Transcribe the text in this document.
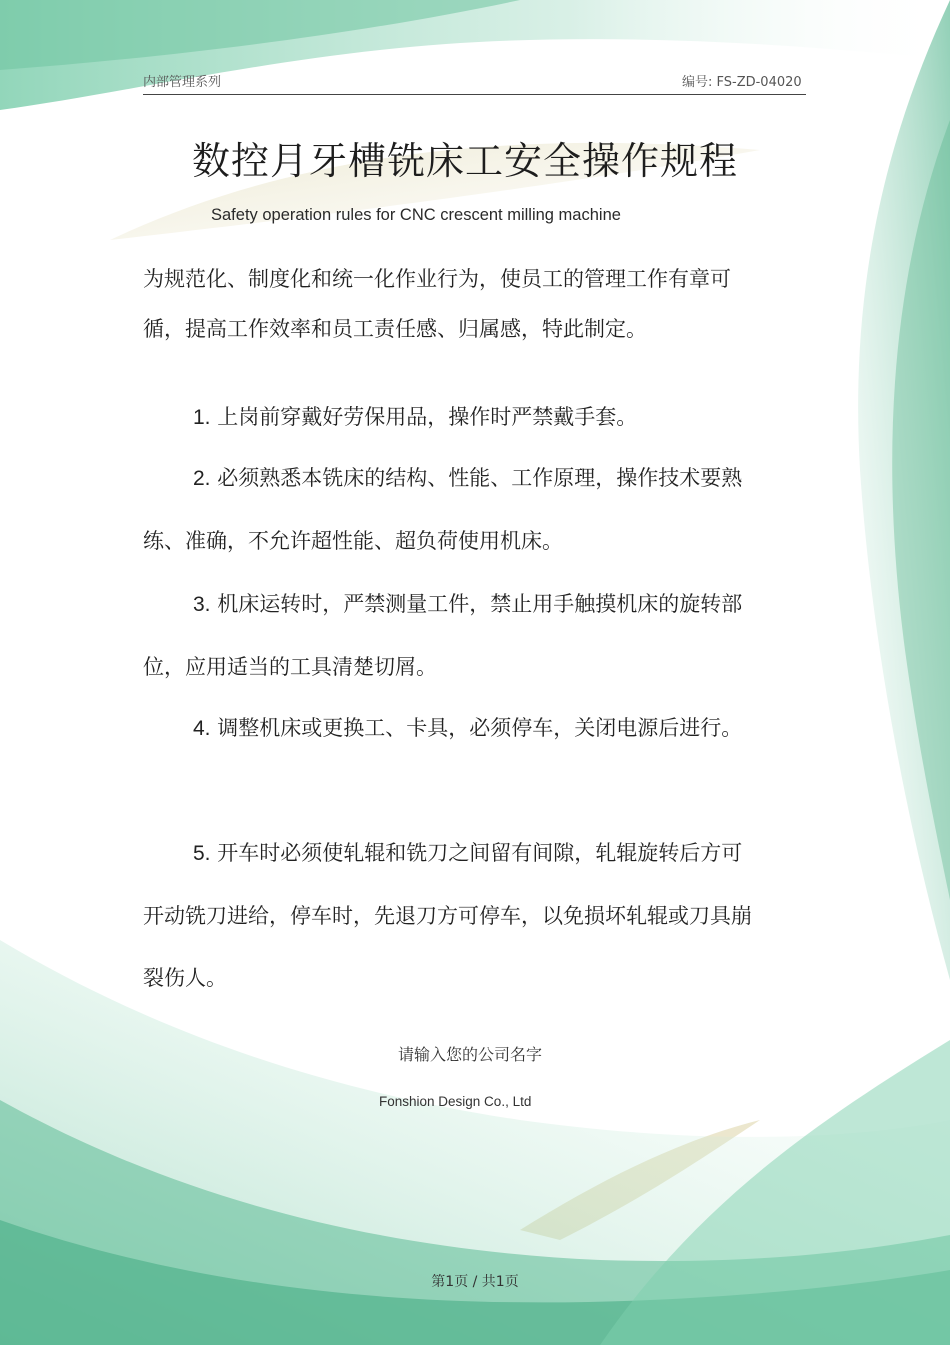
内部管理系列	编号: FS-ZD-04020
数控月牙槽铣床工安全操作规程
Safety operation rules for CNC crescent milling machine
为规范化、制度化和统一化作业行为，使员工的管理工作有章可循，提高工作效率和员工责任感、归属感，特此制定。
1. 上岗前穿戴好劳保用品，操作时严禁戴手套。
2. 必须熟悉本铣床的结构、性能、工作原理，操作技术要熟练、准确，不允许超性能、超负荷使用机床。
3. 机床运转时，严禁测量工件，禁止用手触摸机床的旋转部位，应用适当的工具清楚切屑。
4. 调整机床或更换工、卡具，必须停车，关闭电源后进行。
5. 开车时必须使轧辊和铣刀之间留有间隙，轧辊旋转后方可开动铣刀进给，停车时，先退刀方可停车，以免损坏轧辊或刀具崩裂伤人。
请输入您的公司名字
Fonshion Design Co., Ltd
第1页 / 共1页
